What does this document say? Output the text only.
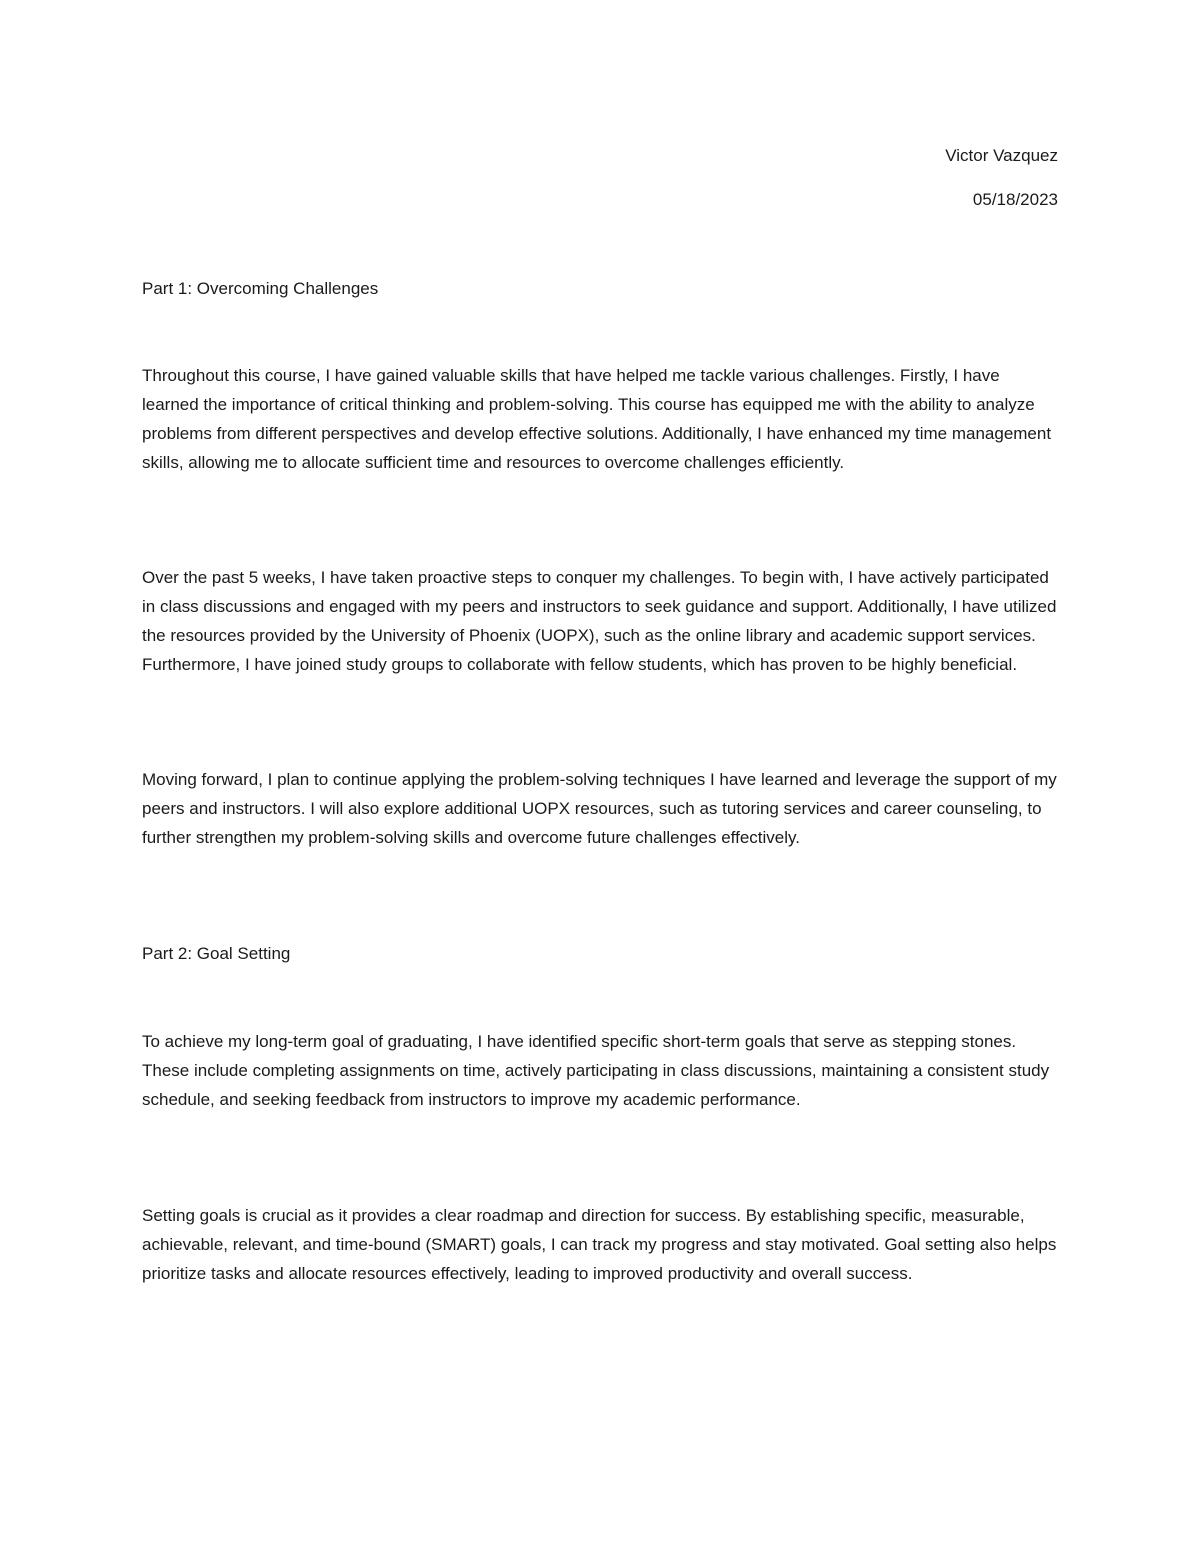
Victor Vazquez
05/18/2023
Part 1: Overcoming Challenges

Throughout this course, I have gained valuable skills that have helped me tackle various challenges. Firstly, I have learned the importance of critical thinking and problem-solving. This course has equipped me with the ability to analyze problems from different perspectives and develop effective solutions. Additionally, I have enhanced my time management skills, allowing me to allocate sufficient time and resources to overcome challenges efficiently.

Over the past 5 weeks, I have taken proactive steps to conquer my challenges. To begin with, I have actively participated in class discussions and engaged with my peers and instructors to seek guidance and support. Additionally, I have utilized the resources provided by the University of Phoenix (UOPX), such as the online library and academic support services. Furthermore, I have joined study groups to collaborate with fellow students, which has proven to be highly beneficial.

Moving forward, I plan to continue applying the problem-solving techniques I have learned and leverage the support of my peers and instructors. I will also explore additional UOPX resources, such as tutoring services and career counseling, to further strengthen my problem-solving skills and overcome future challenges effectively.

Part 2: Goal Setting

To achieve my long-term goal of graduating, I have identified specific short-term goals that serve as stepping stones. These include completing assignments on time, actively participating in class discussions, maintaining a consistent study schedule, and seeking feedback from instructors to improve my academic performance.

Setting goals is crucial as it provides a clear roadmap and direction for success. By establishing specific, measurable, achievable, relevant, and time-bound (SMART) goals, I can track my progress and stay motivated. Goal setting also helps prioritize tasks and allocate resources effectively, leading to improved productivity and overall success.
